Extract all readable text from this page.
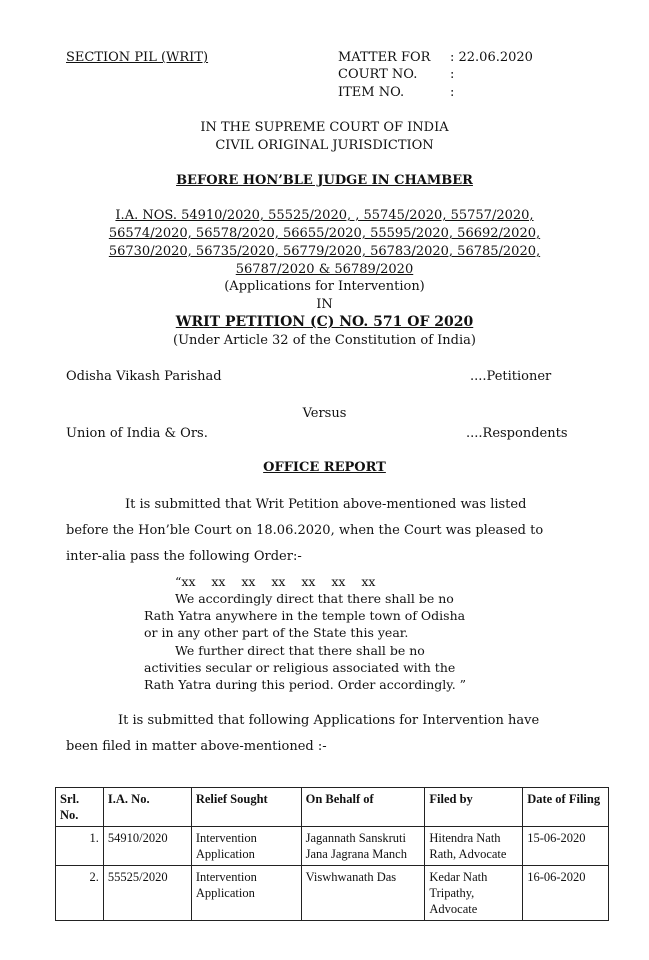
SECTION PIL (WRIT)	MATTER FOR : 22.06.2020
COURT NO.	:
ITEM NO.	:
IN THE SUPREME COURT OF INDIA
CIVIL ORIGINAL JURISDICTION
BEFORE HON’BLE JUDGE IN CHAMBER
I.A. NOS. 54910/2020, 55525/2020, , 55745/2020, 55757/2020,
56574/2020, 56578/2020, 56655/2020, 55595/2020, 56692/2020,
56730/2020, 56735/2020, 56779/2020, 56783/2020, 56785/2020,
56787/2020 & 56789/2020
(Applications for Intervention)
IN
WRIT PETITION (C) NO. 571 OF 2020
(Under Article 32 of the Constitution of India)
Odisha Vikash Parishad	....Petitioner
Versus
Union of India & Ors.	....Respondents
OFFICE REPORT
It is submitted that Writ Petition above-mentioned was listed
before the Hon’ble Court on 18.06.2020, when the Court was pleased to
inter-alia pass the following Order:-
“xx    xx    xx    xx    xx    xx    xx
We accordingly direct that there shall be no
Rath Yatra anywhere in the temple town of Odisha
or in any other part of the State this year.
We further direct that there shall be no
activities secular or religious associated with the
Rath Yatra during this period. Order accordingly. ”
It is submitted that following Applications for Intervention have
been filed in matter above-mentioned :-
Srl. No.	I.A. No.	Relief Sought	On Behalf of	Filed by	Date of Filing
1.	54910/2020	Intervention Application	Jagannath Sanskruti Jana Jagrana Manch	Hitendra Nath Rath, Advocate	15-06-2020
2.	55525/2020	Intervention Application	Viswhwanath Das	Kedar Nath Tripathy, Advocate	16-06-2020
